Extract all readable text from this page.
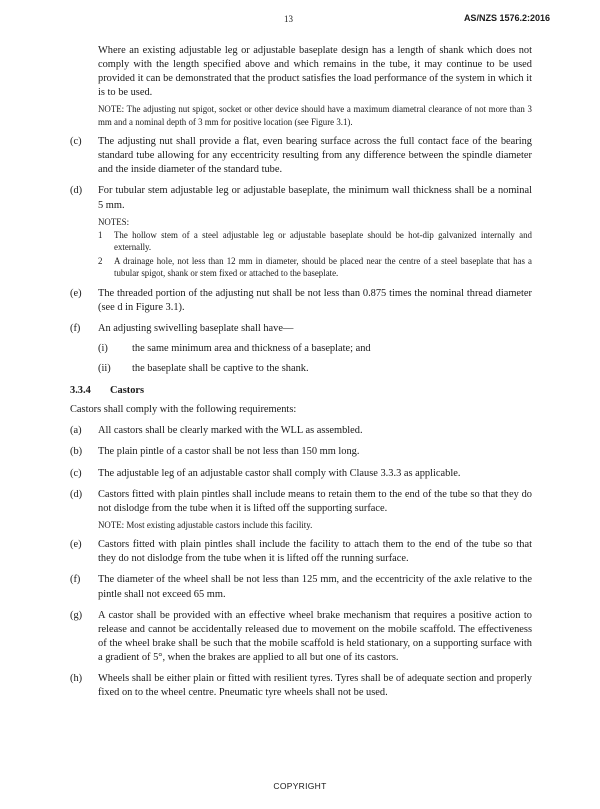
13	AS/NZS 1576.2:2016

Where an existing adjustable leg or adjustable baseplate design has a length of shank which does not comply with the length specified above and which remains in the tube, it may continue to be used provided it can be demonstrated that the product satisfies the load performance of the system in which it is to be used.

NOTE: The adjusting nut spigot, socket or other device should have a maximum diametral clearance of not more than 3 mm and a nominal depth of 3 mm for positive location (see Figure 3.1).

(c)	The adjusting nut shall provide a flat, even bearing surface across the full contact face of the bearing standard tube allowing for any eccentricity resulting from any difference between the spindle diameter and the inside diameter of the standard tube.
(d)	For tubular stem adjustable leg or adjustable baseplate, the minimum wall thickness shall be a nominal 5 mm.
NOTES:
1	The hollow stem of a steel adjustable leg or adjustable baseplate should be hot-dip galvanized internally and externally.
2	A drainage hole, not less than 12 mm in diameter, should be placed near the centre of a steel baseplate that has a tubular spigot, shank or stem fixed or attached to the baseplate.
(e)	The threaded portion of the adjusting nut shall be not less than 0.875 times the nominal thread diameter (see d in Figure 3.1).
(f)	An adjusting swivelling baseplate shall have—
(i)	the same minimum area and thickness of a baseplate; and
(ii)	the baseplate shall be captive to the shank.
3.3.4	Castors

Castors shall comply with the following requirements:

(a)	All castors shall be clearly marked with the WLL as assembled.
(b)	The plain pintle of a castor shall be not less than 150 mm long.
(c)	The adjustable leg of an adjustable castor shall comply with Clause 3.3.3 as applicable.
(d)	Castors fitted with plain pintles shall include means to retain them to the end of the tube so that they do not dislodge from the tube when it is lifted off the supporting surface.

NOTE: Most existing adjustable castors include this facility.

(e)	Castors fitted with plain pintles shall include the facility to attach them to the end of the tube so that they do not dislodge from the tube when it is lifted off the running surface.
(f)	The diameter of the wheel shall be not less than 125 mm, and the eccentricity of the axle relative to the pintle shall not exceed 65 mm.
(g)	A castor shall be provided with an effective wheel brake mechanism that requires a positive action to release and cannot be accidentally released due to movement on the mobile scaffold. The effectiveness of the wheel brake shall be such that the mobile scaffold is held stationary, on a supporting surface with a gradient of 5°, when the brakes are applied to all but one of its castors.
(h)	Wheels shall be either plain or fitted with resilient tyres. Tyres shall be of adequate section and properly fixed on to the wheel centre. Pneumatic tyre wheels shall not be used.
COPYRIGHT
